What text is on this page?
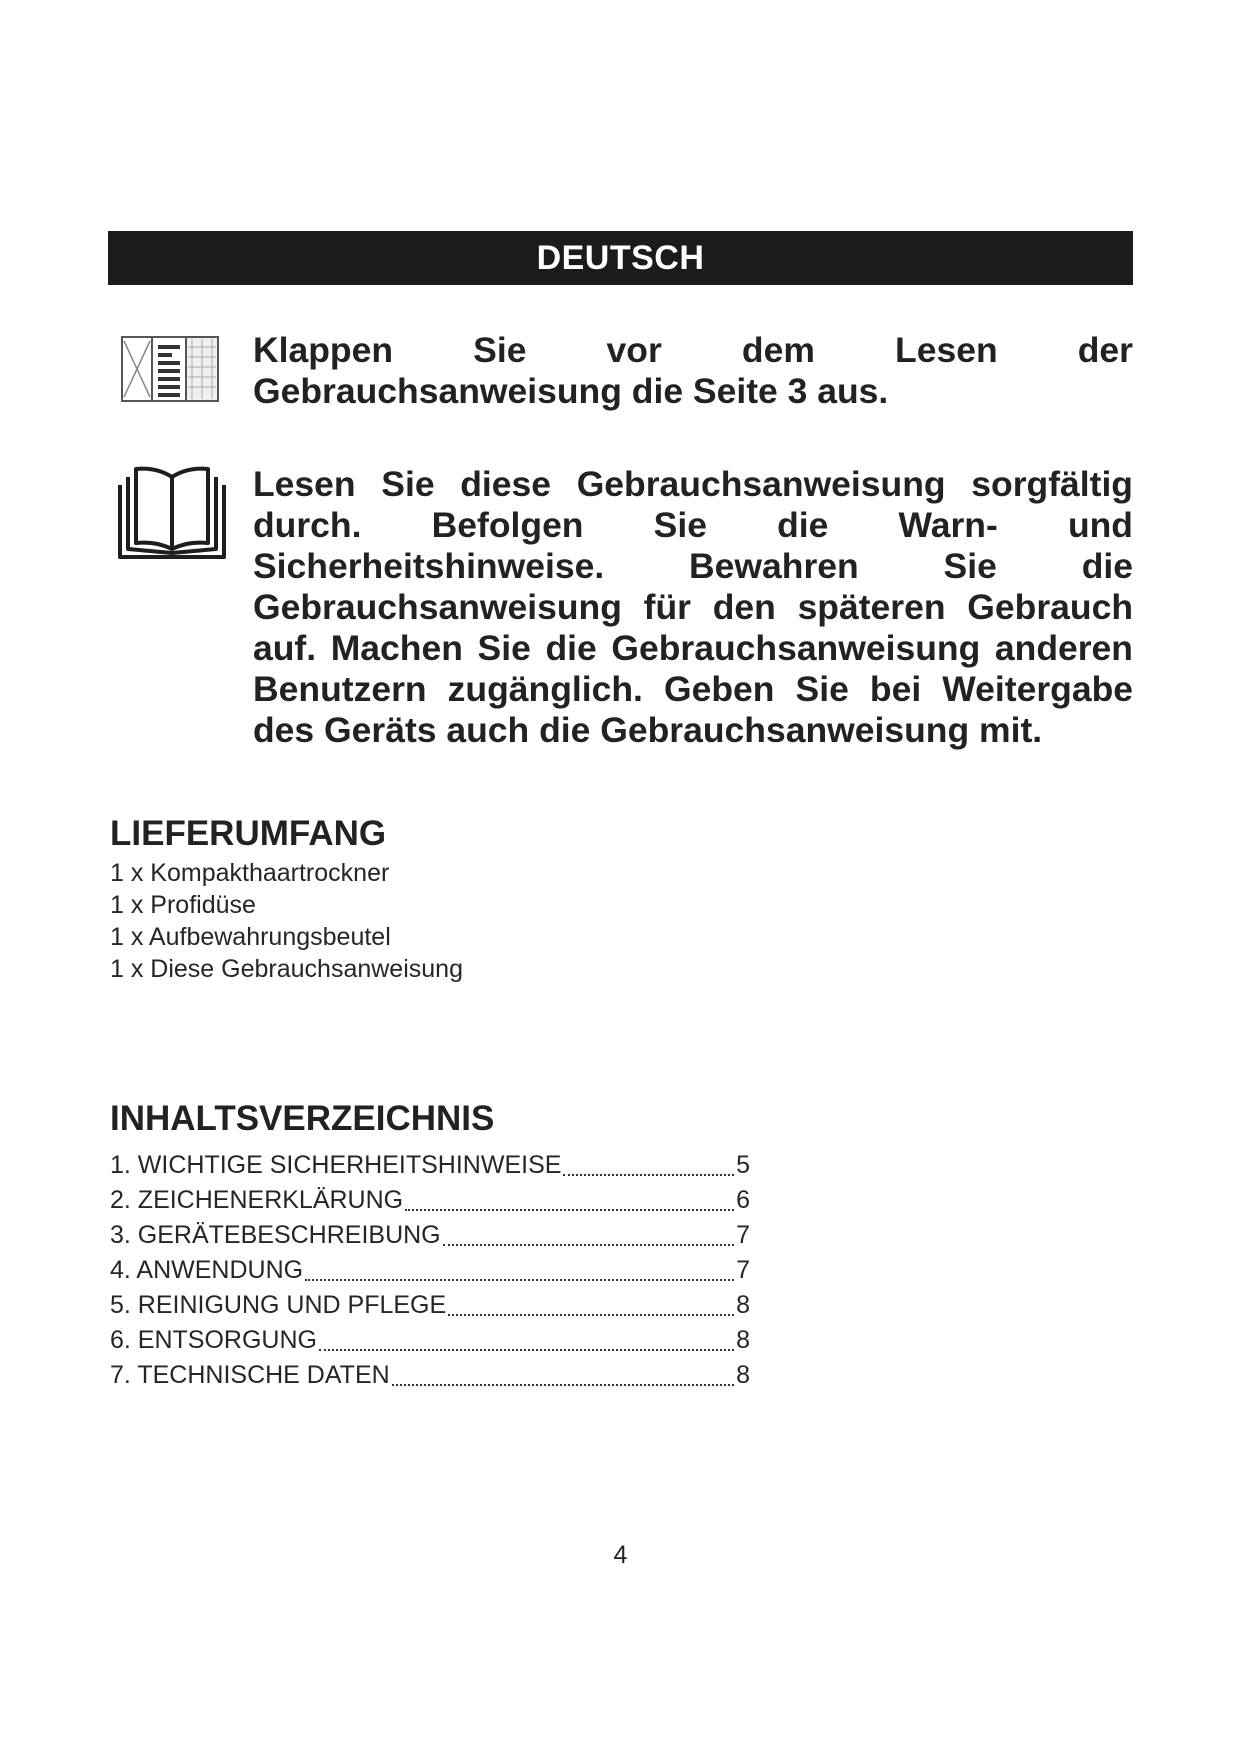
DEUTSCH
Klappen Sie vor dem Lesen der Gebrauchsanweisung die Seite 3 aus.
Lesen Sie diese Gebrauchsanweisung sorgfältig durch. Befolgen Sie die Warn- und Sicherheitshinweise. Bewahren Sie die Gebrauchsanweisung für den späteren Gebrauch auf. Machen Sie die Gebrauchsanweisung anderen Benutzern zugänglich. Geben Sie bei Weitergabe des Geräts auch die Gebrauchsanweisung mit.
LIEFERUMFANG
1 x Kompakthaartrockner
1 x Profidüse
1 x Aufbewahrungsbeutel
1 x Diese Gebrauchsanweisung
INHALTSVERZEICHNIS
1. WICHTIGE SICHERHEITSHINWEISE	5
2. ZEICHENERKLÄRUNG	6
3. GERÄTEBESCHREIBUNG	7
4. ANWENDUNG	7
5. REINIGUNG UND PFLEGE	8
6. ENTSORGUNG	8
7. TECHNISCHE DATEN	8
4
